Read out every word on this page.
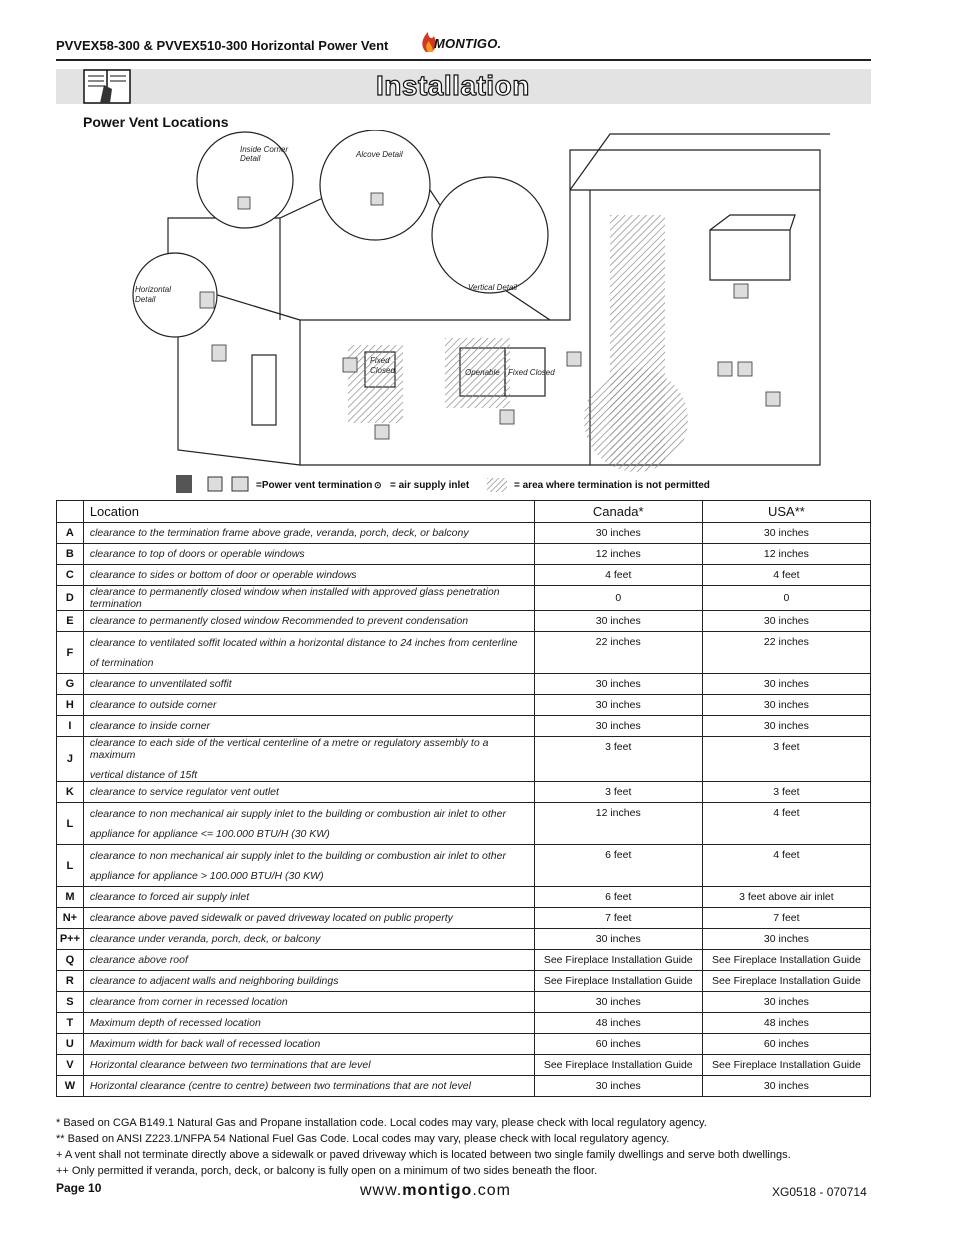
PVVEX58-300 & PVVEX510-300 Horizontal Power Vent	MONTIGO.
Installation
Power Vent Locations
Inside Corner
Detail	Alcove Detail
Horizontal
Detail
Vertical Detail
Fixed
Closed	Openable Fixed Closed
=Power vent termination ⊙ = air supply inlet	= area where termination is not permitted
	Location	Canada*	USA**
A	clearance to the termination frame above grade, veranda, porch, deck, or balcony	30 inches	30 inches
B	clearance to top of doors or operable windows	12 inches	12 inches
C	clearance to sides or bottom of door or operable windows	4 feet	4 feet
D	clearance to permanently closed window when installed with approved glass penetration termination	0	0
E	clearance to permanently closed window Recommended to prevent condensation	30 inches	30 inches
F	clearance to ventilated soffit located within a horizontal distance to 24 inches from centerline
of termination	22 inches	22 inches
G	clearance to unventilated soffit	30 inches	30 inches
H	clearance to outside corner	30 inches	30 inches
I	clearance to inside corner	30 inches	30 inches
J	clearance to each side of the vertical centerline of a metre or regulatory assembly to a maximum
vertical distance of 15ft	3 feet	3 feet
K	clearance to service regulator vent outlet	3 feet	3 feet
L	clearance to non mechanical air supply inlet to the building or combustion air inlet to other
appliance for appliance <= 100.000 BTU/H (30 KW)	12 inches	4 feet
L	clearance to non mechanical air supply inlet to the building or combustion air inlet to other
appliance for appliance > 100.000 BTU/H (30 KW)	6 feet	4 feet
M	clearance to forced air supply inlet	6 feet	3 feet above air inlet
N+	clearance above paved sidewalk or paved driveway located on public property	7 feet	7 feet
P++	clearance under veranda, porch, deck, or balcony	30 inches	30 inches
Q	clearance above roof	See Fireplace Installation Guide	See Fireplace Installation Guide
R	clearance to adjacent walls and neighboring buildings	See Fireplace Installation Guide	See Fireplace Installation Guide
S	clearance from corner in recessed location	30 inches	30 inches
T	Maximum depth of recessed location	48 inches	48 inches
U	Maximum width for back wall of recessed location	60 inches	60 inches
V	Horizontal clearance between two terminations that are level	See Fireplace Installation Guide	See Fireplace Installation Guide
W	Horizontal clearance (centre to centre) between two terminations that are not level	30 inches	30 inches
* Based on CGA B149.1 Natural Gas and Propane installation code. Local codes may vary, please check with local regulatory agency.
** Based on ANSI Z223.1/NFPA 54 National Fuel Gas Code. Local codes may vary, please check with local regulatory agency.
+ A vent shall not terminate directly above a sidewalk or paved driveway which is located between two single family dwellings and serve both dwellings.
++ Only permitted if veranda, porch, deck, or balcony is fully open on a minimum of two sides beneath the floor.
Page 10	www.montigo.com	XG0518 - 070714
